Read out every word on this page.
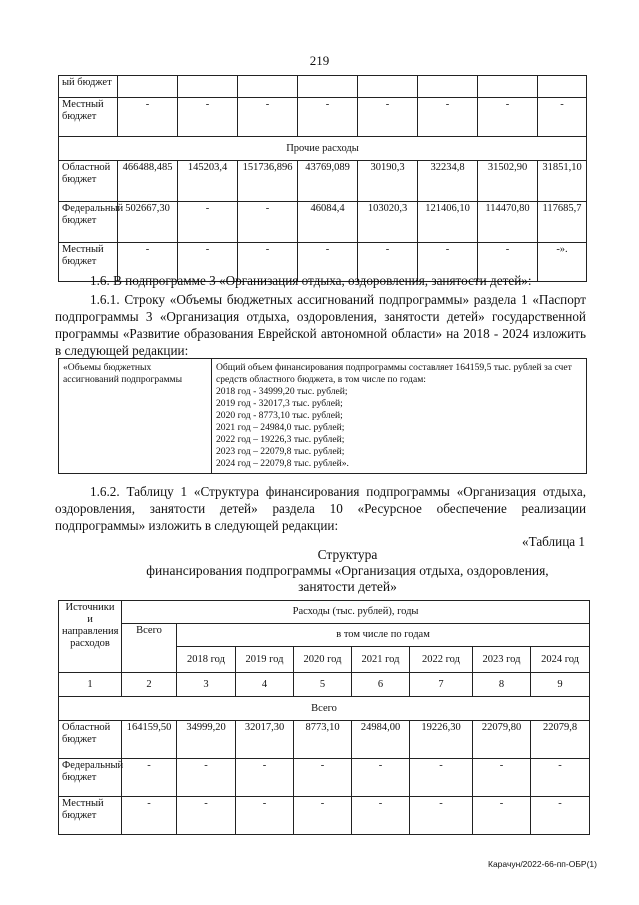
219
ый бюджет								
Местный бюджет	-	-	-	-	-	-	-	-
Прочие расходы								
Областной бюджет	466488,485	145203,4	151736,896	43769,089	30190,3	32234,8	31502,90	31851,10
Федеральный бюджет	502667,30	-	-	46084,4	103020,3	121406,10	114470,80	117685,7
Местный бюджет	-	-	-	-	-	-	-	-».
1.6. В подпрограмме 3 «Организация отдыха, оздоровления, занятости детей»:
1.6.1. Строку «Объемы бюджетных ассигнований подпрограммы» раздела 1 «Паспорт подпрограммы 3 «Организация отдыха, оздоровления, занятости детей» государственной программы «Развитие образования Еврейской автономной области» на 2018 - 2024 изложить в следующей редакции:
«Объемы бюджетных ассигнований подпрограммы	
Общий объем финансирования подпрограммы составляет 164159,5 тыс. рублей за счет средств областного бюджета, в том числе по годам:
2018 год - 34999,20 тыс. рублей;
2019 год - 32017,3 тыс. рублей;
2020 год - 8773,10 тыс. рублей;
2021 год – 24984,0 тыс. рублей;
2022 год – 19226,3 тыс. рублей;
2023 год – 22079,8 тыс. рублей;
2024 год – 22079,8 тыс. рублей».
1.6.2. Таблицу 1 «Структура финансирования подпрограммы «Организация отдыха, оздоровления, занятости детей» раздела 10 «Ресурсное обеспечение реализации подпрограммы» изложить в следующей редакции:
«Таблица 1
Структура
финансирования подпрограммы «Организация отдыха, оздоровления,
занятости детей»
Источники и направления расходов	Расходы (тыс. рублей), годы							
	Всего	в том числе по годам						
		2018 год	2019 год	2020 год	2021 год	2022 год	2023 год	2024 год
1	2	3	4	5	6	7	8	9
Всего								
Областной бюджет	164159,50	34999,20	32017,30	8773,10	24984,00	19226,30	22079,80	22079,8
Федеральный бюджет	-	-	-	-	-	-	-	-
Местный бюджет	-	-	-	-	-	-	-	-
Карачун/2022-66-пп-ОБР(1)
